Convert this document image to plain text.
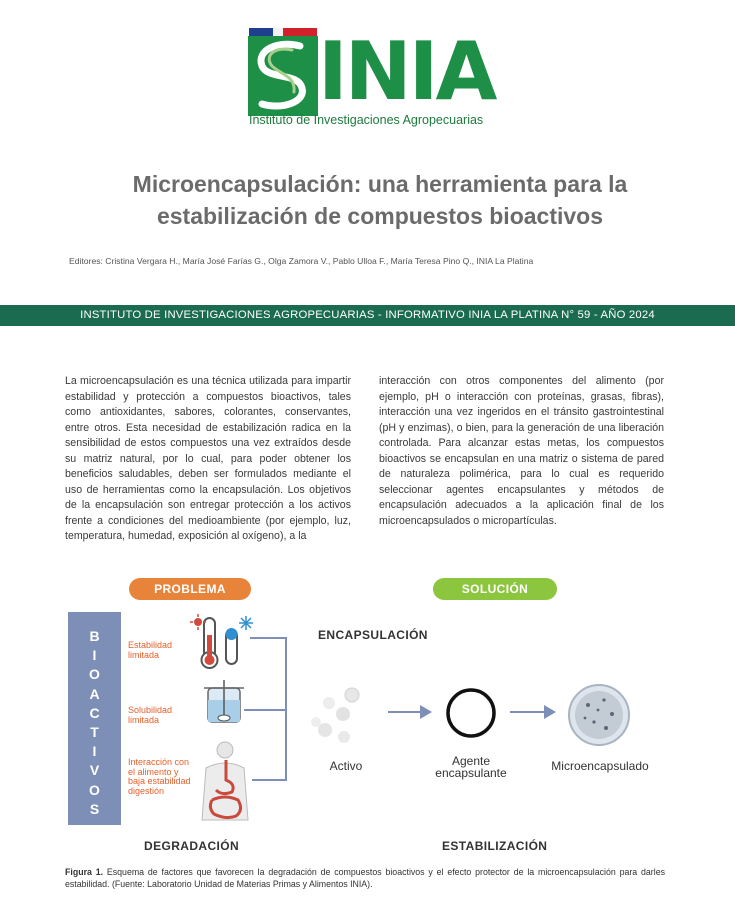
INIA
Instituto de Investigaciones Agropecuarias
Microencapsulación: una herramienta para la
estabilización de compuestos bioactivos
Editores: Cristina Vergara H., María José Farías G., Olga Zamora V., Pablo Ulloa F., María Teresa Pino Q., INIA La Platina
INSTITUTO DE INVESTIGACIONES AGROPECUARIAS - INFORMATIVO INIA LA PLATINA N° 59 - AÑO 2024
La microencapsulación es una técnica utilizada para impartir estabilidad y protección a compuestos bioactivos, tales como antioxidantes, sabores, colorantes, conservantes, entre otros. Esta necesidad de estabilización radica en la sensibilidad de estos compuestos una vez extraídos desde su matriz natural, por lo cual, para poder obtener los beneficios saludables, deben ser formulados mediante el uso de herramientas como la encapsulación. Los objetivos de la encapsulación son entregar protección a los activos frente a condiciones del medioambiente (por ejemplo, luz, temperatura, humedad, exposición al oxígeno), a la
interacción con otros componentes del alimento (por ejemplo, pH o interacción con proteínas, grasas, fibras), interacción una vez ingeridos en el tránsito gastrointestinal (pH y enzimas), o bien, para la generación de una liberación controlada. Para alcanzar estas metas, los compuestos bioactivos se encapsulan en una matriz o sistema de pared de naturaleza polimérica, para lo cual es requerido seleccionar agentes encapsulantes y métodos de encapsulación adecuados a la aplicación final de los microencapsulados o micropartículas.
PROBLEMA	SOLUCIÓN
B
I
O
A
C
T
I
V
O
S
Estabilidad
limitada
Solubilidad
limitada
Interacción con
el alimento y
baja estabilidad
digestión
ENCAPSULACIÓN
Activo	Agente
encapsulante	Microencapsulado
DEGRADACIÓN	ESTABILIZACIÓN
Figura 1. Esquema de factores que favorecen la degradación de compuestos bioactivos y el efecto protector de la microencapsulación para darles estabilidad. (Fuente: Laboratorio Unidad de Materias Primas y Alimentos INIA).
